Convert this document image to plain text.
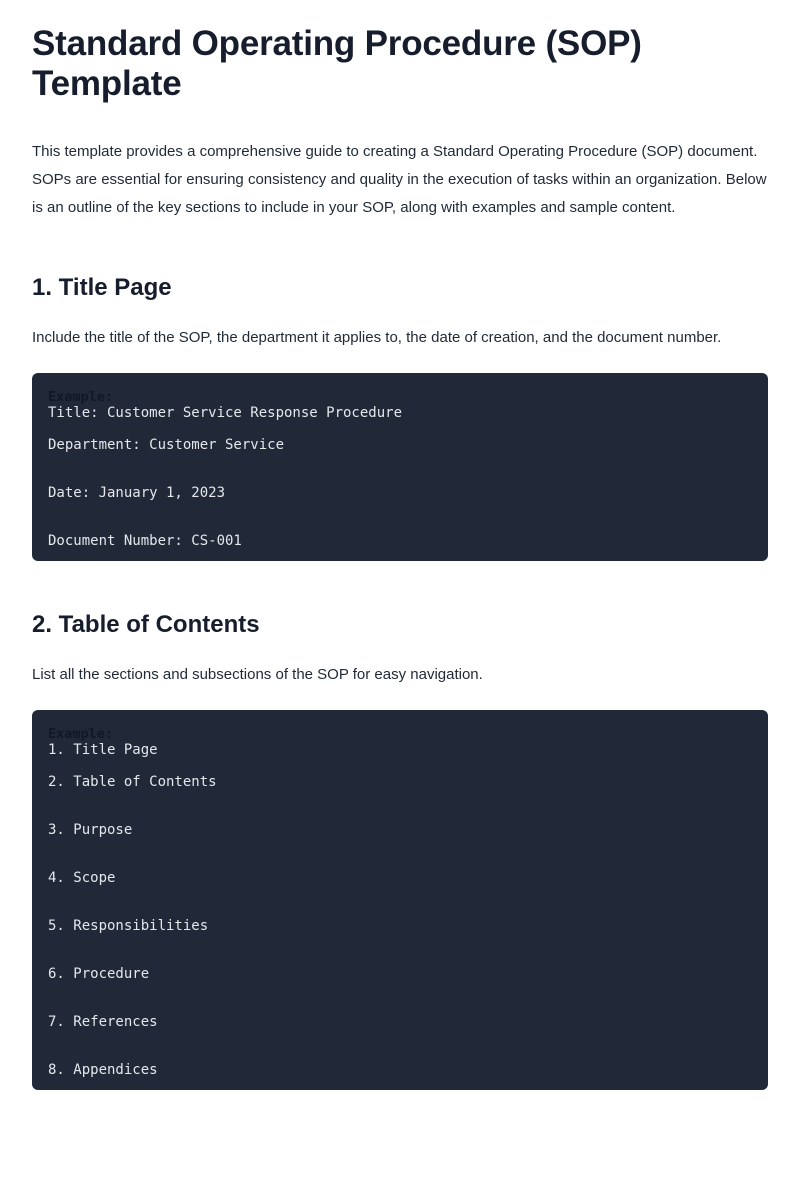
Standard Operating Procedure (SOP) Template

This template provides a comprehensive guide to creating a Standard Operating Procedure (SOP) document. SOPs are essential for ensuring consistency and quality in the execution of tasks within an organization. Below is an outline of the key sections to include in your SOP, along with examples and sample content.

1. Title Page

Include the title of the SOP, the department it applies to, the date of creation, and the document number.

Example:
Title: Customer Service Response Procedure
Department: Customer Service
Date: January 1, 2023
Document Number: CS-001
2. Table of Contents

List all the sections and subsections of the SOP for easy navigation.

Example:
1. Title Page
2. Table of Contents
3. Purpose
4. Scope
5. Responsibilities
6. Procedure
7. References
8. Appendices
